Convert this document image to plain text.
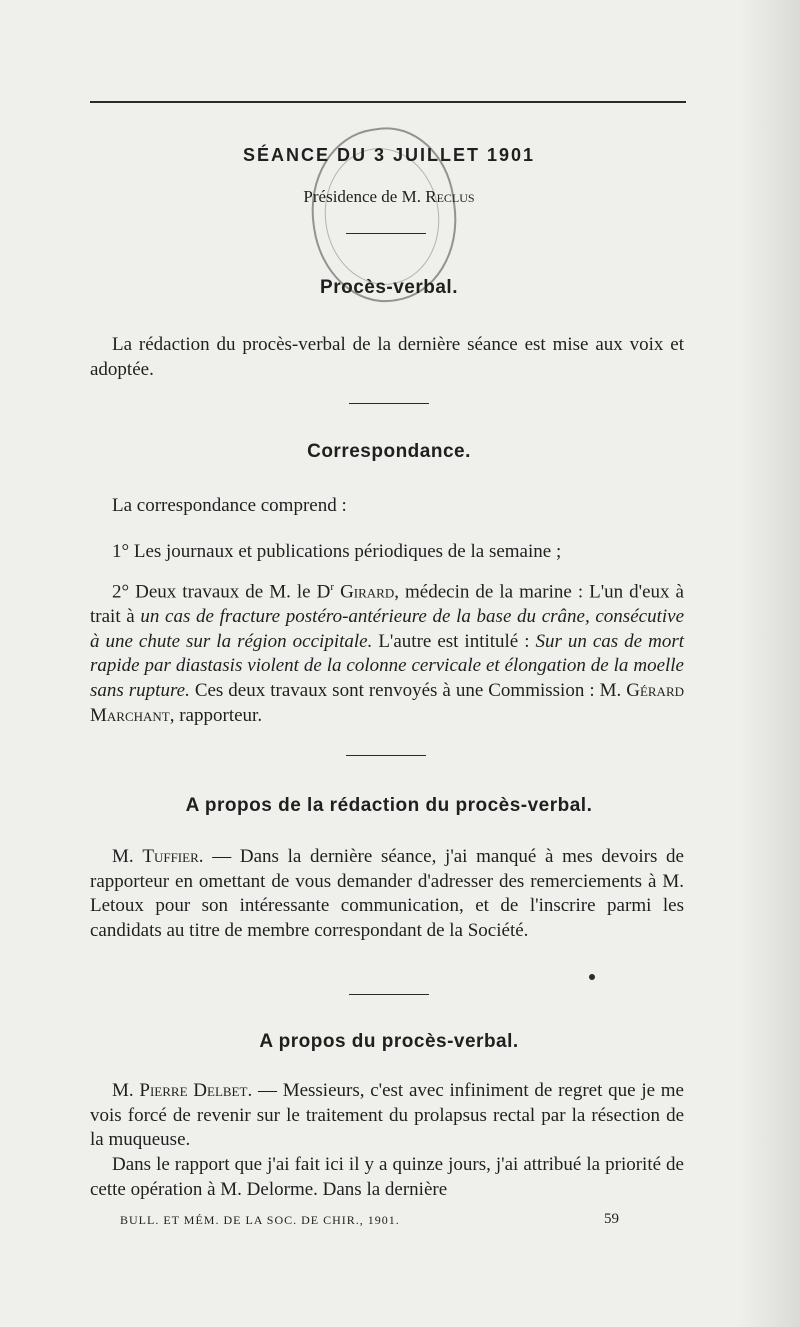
SÉANCE DU 3 JUILLET 1901
Présidence de M. Reclus
Procès-verbal.

La rédaction du procès-verbal de la dernière séance est mise aux voix et adoptée.

Correspondance.

La correspondance comprend :

1° Les journaux et publications périodiques de la semaine ;

2° Deux travaux de M. le $D^r$ Girard, médecin de la marine : L'un d'eux à trait à un cas de fracture postéro-antérieure de la base du crâne, consécutive à une chute sur la région occipitale. L'autre est intitulé : Sur un cas de mort rapide par diastasis violent de la colonne cervicale et élongation de la moelle sans rupture. Ces deux travaux sont renvoyés à une Commission : M. Gérard Marchant, rapporteur.

A propos de la rédaction du procès-verbal.

M. Tuffier. — Dans la dernière séance, j'ai manqué à mes devoirs de rapporteur en omettant de vous demander d'adresser des remerciements à M. Letoux pour son intéressante communication, et de l'inscrire parmi les candidats au titre de membre correspondant de la Société.

A propos du procès-verbal.

M. Pierre Delbet. — Messieurs, c'est avec infiniment de regret que je me vois forcé de revenir sur le traitement du prolapsus rectal par la résection de la muqueuse.

Dans le rapport que j'ai fait ici il y a quinze jours, j'ai attribué la priorité de cette opération à M. Delorme. Dans la dernière

BULL. ET MÉM. DE LA SOC. DE CHIR., 1901.	59
